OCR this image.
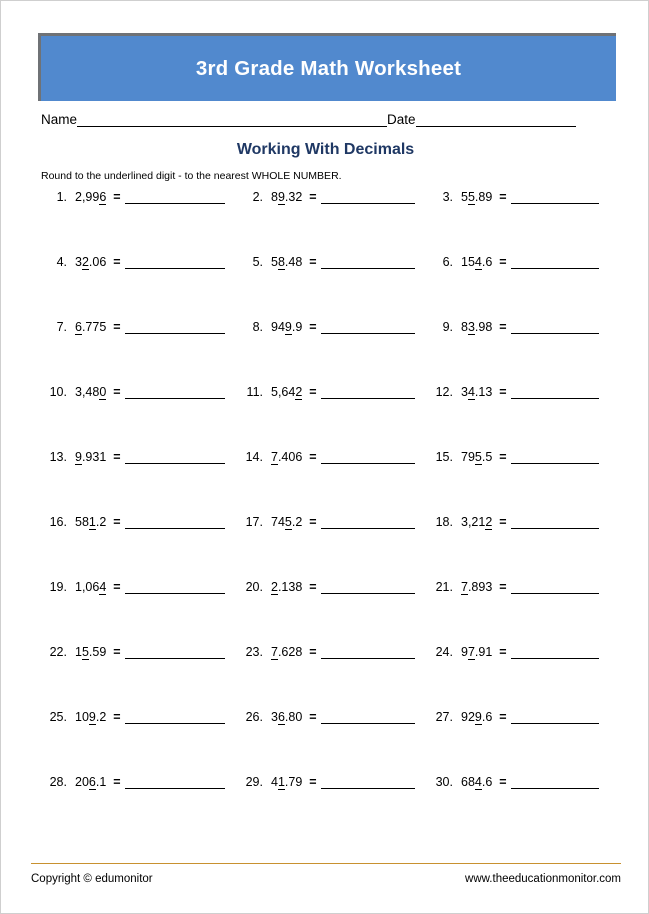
3rd Grade Math Worksheet
Name	Date
Working With Decimals
Round to the underlined digit - to the nearest WHOLE NUMBER.
1. 2,996 =	2. 89.32 =	3. 55.89 =
4. 32.06 =	5. 58.48 =	6. 154.6 =
7. 6.775 =	8. 949.9 =	9. 83.98 =
10. 3,480 =	11. 5,642 =	12. 34.13 =
13. 9.931 =	14. 7.406 =	15. 795.5 =
16. 581.2 =	17. 745.2 =	18. 3,212 =
19. 1,064 =	20. 2.138 =	21. 7.893 =
22. 15.59 =	23. 7.628 =	24. 97.91 =
25. 109.2 =	26. 36.80 =	27. 929.6 =
28. 206.1 =	29. 41.79 =	30. 684.6 =
Copyright © edumonitor	www.theeducationmonitor.com
